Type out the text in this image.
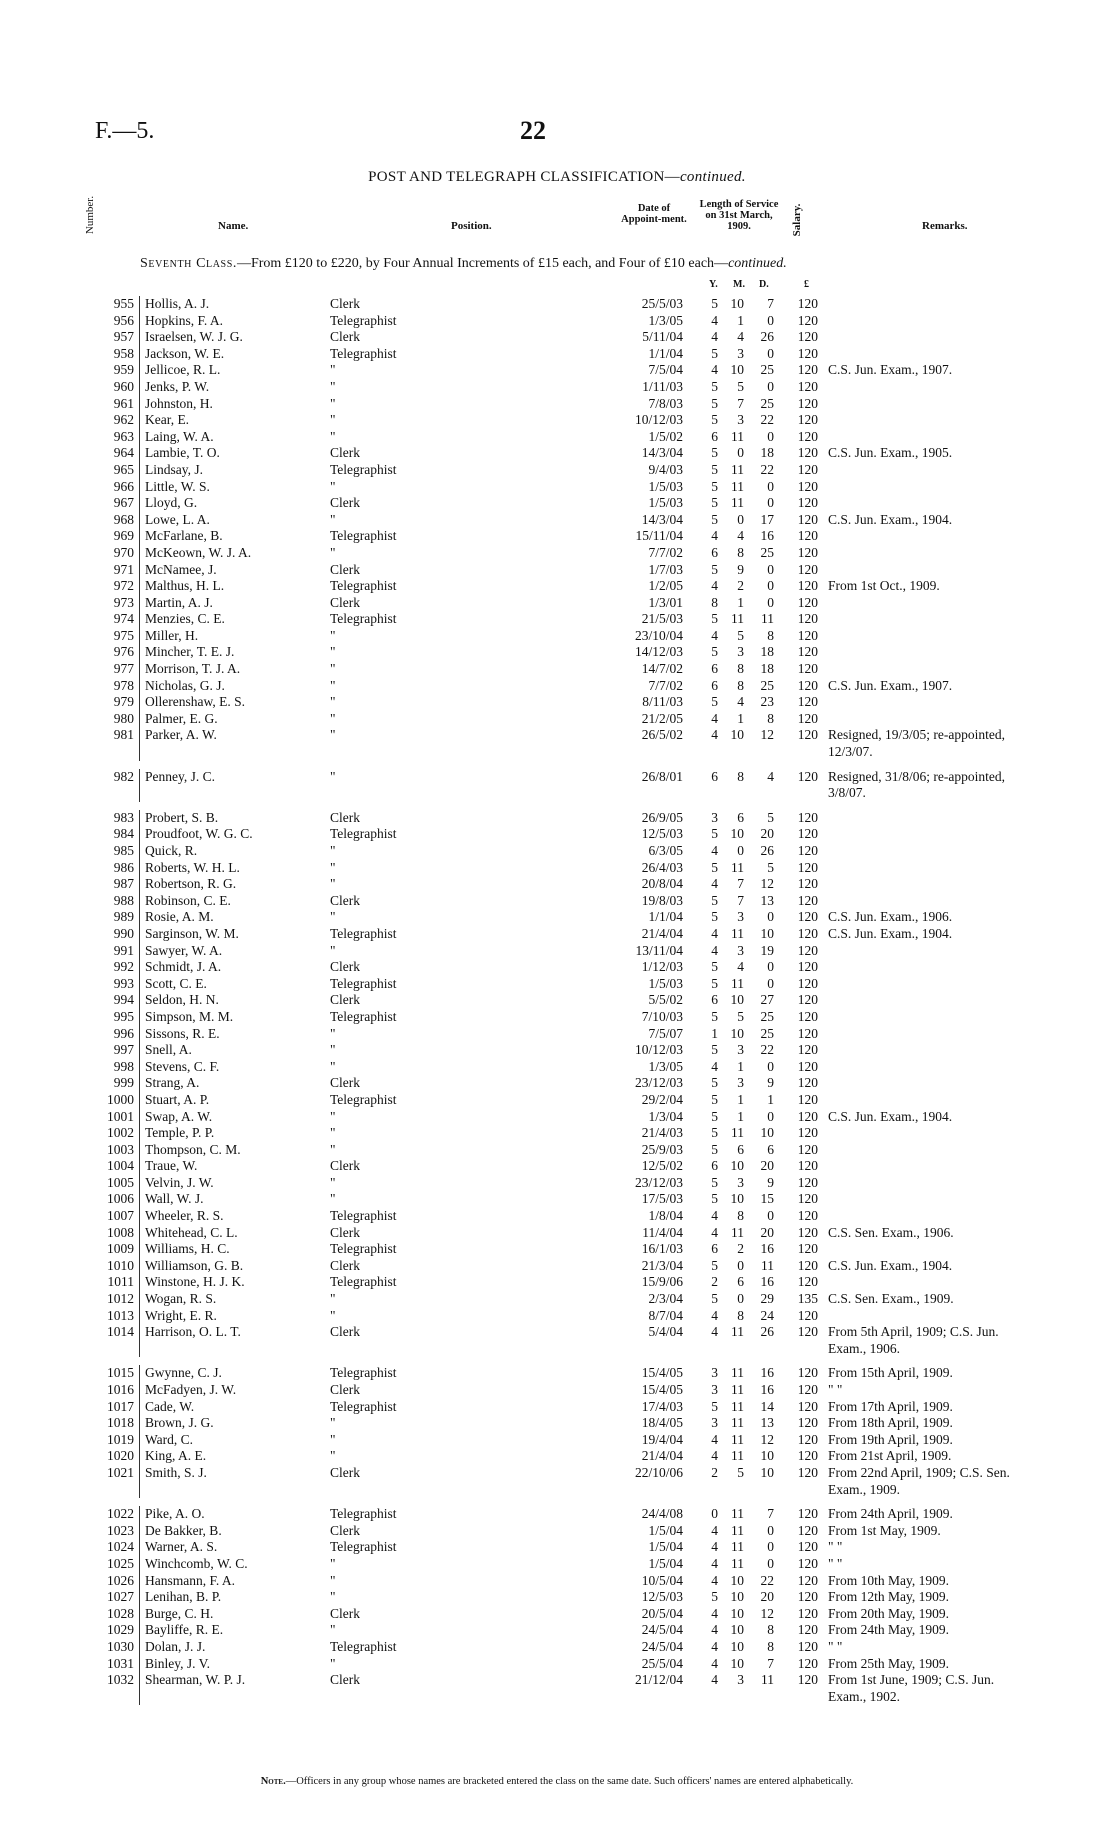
F.—5.	22
POST AND TELEGRAPH CLASSIFICATION—continued.
Number.	Name.	Position.
Date of Appoint-ment.
Length of Service on 31st March, 1909.	Salary.	Remarks.
Seventh Class.—From £120 to £220, by Four Annual Increments of £15 each, and Four of £10 each—continued.
Y. M. D.	£
955 Hollis, A. J.	Clerk	25/5/03	5 10	7	120
956 Hopkins, F. A.	Telegraphist	1/3/05	4	1	0	120
957 Israelsen, W. J. G.	Clerk	5/11/04	4	4	26	120
958 Jackson, W. E.	Telegraphist	1/1/04	5	3	0	120
959 Jellicoe, R. L.	"	7/5/04	4 10	25	120 C.S. Jun. Exam., 1907.
960 Jenks, P. W.	"	1/11/03	5	5	0	120
961 Johnston, H.	"	7/8/03	5	7	25	120
962 Kear, E.	"	10/12/03	5	3	22	120
963 Laing, W. A.	"	1/5/02	6 11	0	120
964 Lambie, T. O.	Clerk	14/3/04	5	0	18	120 C.S. Jun. Exam., 1905.
965 Lindsay, J.	Telegraphist	9/4/03	5 11	22	120
966 Little, W. S.	"	1/5/03	5 11	0	120
967 Lloyd, G.	Clerk	1/5/03	5 11	0	120
968 Lowe, L. A.	"	14/3/04	5	0	17	120 C.S. Jun. Exam., 1904.
969 McFarlane, B.	Telegraphist	15/11/04	4	4	16	120
970 McKeown, W. J. A.	"	7/7/02	6	8	25	120
971 McNamee, J.	Clerk	1/7/03	5	9	0	120
972 Malthus, H. L.	Telegraphist	1/2/05	4	2	0	120 From 1st Oct., 1909.
973 Martin, A. J.	Clerk	1/3/01	8	1	0	120
974 Menzies, C. E.	Telegraphist	21/5/03	5 11	11	120
975 Miller, H.	"	23/10/04	4	5	8	120
976 Mincher, T. E. J.	"	14/12/03	5	3	18	120
977 Morrison, T. J. A.	"	14/7/02	6	8	18	120
978 Nicholas, G. J.	"	7/7/02	6	8	25	120 C.S. Jun. Exam., 1907.
979 Ollerenshaw, E. S.	"	8/11/03	5	4	23	120
980 Palmer, E. G.	"	21/2/05	4	1	8	120
981 Parker, A. W.	"	26/5/02	4 10	12	120 Resigned, 19/3/05; re-appointed, 12/3/07.
982 Penney, J. C.	"	26/8/01	6	8	4	120 Resigned, 31/8/06; re-appointed, 3/8/07.
983 Probert, S. B.	Clerk	26/9/05	3	6	5	120
984 Proudfoot, W. G. C.	Telegraphist	12/5/03	5 10	20	120
985 Quick, R.	"	6/3/05	4	0	26	120
986 Roberts, W. H. L.	"	26/4/03	5 11	5	120
987 Robertson, R. G.	"	20/8/04	4	7	12	120
988 Robinson, C. E.	Clerk	19/8/03	5	7	13	120
989 Rosie, A. M.	"	1/1/04	5	3	0	120 C.S. Jun. Exam., 1906.
990 Sarginson, W. M.	Telegraphist	21/4/04	4 11	10	120 C.S. Jun. Exam., 1904.
991 Sawyer, W. A.	"	13/11/04	4	3	19	120
992 Schmidt, J. A.	Clerk	1/12/03	5	4	0	120
993 Scott, C. E.	Telegraphist	1/5/03	5 11	0	120
994 Seldon, H. N.	Clerk	5/5/02	6 10	27	120
995 Simpson, M. M.	Telegraphist	7/10/03	5	5	25	120
996 Sissons, R. E.	"	7/5/07	1 10	25	120
997 Snell, A.	"	10/12/03	5	3	22	120
998 Stevens, C. F.	"	1/3/05	4	1	0	120
999 Strang, A.	Clerk	23/12/03	5	3	9	120
1000 Stuart, A. P.	Telegraphist	29/2/04	5	1	1	120
1001 Swap, A. W.	"	1/3/04	5	1	0	120 C.S. Jun. Exam., 1904.
1002 Temple, P. P.	"	21/4/03	5 11	10	120
1003 Thompson, C. M.	"	25/9/03	5	6	6	120
1004 Traue, W.	Clerk	12/5/02	6 10	20	120
1005 Velvin, J. W.	"	23/12/03	5	3	9	120
1006 Wall, W. J.	"	17/5/03	5 10	15	120
1007 Wheeler, R. S.	Telegraphist	1/8/04	4	8	0	120
1008 Whitehead, C. L.	Clerk	11/4/04	4 11	20	120 C.S. Sen. Exam., 1906.
1009 Williams, H. C.	Telegraphist	16/1/03	6	2	16	120
1010 Williamson, G. B.	Clerk	21/3/04	5	0	11	120 C.S. Jun. Exam., 1904.
1011 Winstone, H. J. K.	Telegraphist	15/9/06	2	6	16	120
1012 Wogan, R. S.	"	2/3/04	5	0	29	135 C.S. Sen. Exam., 1909.
1013 Wright, E. R.	"	8/7/04	4	8	24	120
1014 Harrison, O. L. T.	Clerk	5/4/04	4 11	26	120 From 5th April, 1909; C.S. Jun. Exam., 1906.
1015 Gwynne, C. J.	Telegraphist	15/4/05	3 11	16	120 From 15th April, 1909.
1016 McFadyen, J. W.	Clerk	15/4/05	3 11	16	120 " "
1017 Cade, W.	Telegraphist	17/4/03	5 11	14	120 From 17th April, 1909.
1018 Brown, J. G.	"	18/4/05	3 11	13	120 From 18th April, 1909.
1019 Ward, C.	"	19/4/04	4 11	12	120 From 19th April, 1909.
1020 King, A. E.	"	21/4/04	4 11	10	120 From 21st April, 1909.
1021 Smith, S. J.	Clerk	22/10/06	2	5	10	120 From 22nd April, 1909; C.S. Sen. Exam., 1909.
1022 Pike, A. O.	Telegraphist	24/4/08	0 11	7	120 From 24th April, 1909.
1023 De Bakker, B.	Clerk	1/5/04	4 11	0	120 From 1st May, 1909.
1024 Warner, A. S.	Telegraphist	1/5/04	4 11	0	120 " "
1025 Winchcomb, W. C.	"	1/5/04	4 11	0	120 " "
1026 Hansmann, F. A.	"	10/5/04	4 10	22	120 From 10th May, 1909.
1027 Lenihan, B. P.	"	12/5/03	5 10	20	120 From 12th May, 1909.
1028 Burge, C. H.	Clerk	20/5/04	4 10	12	120 From 20th May, 1909.
1029 Bayliffe, R. E.	"	24/5/04	4 10	8	120 From 24th May, 1909.
1030 Dolan, J. J.	Telegraphist	24/5/04	4 10	8	120 " "
1031 Binley, J. V.	"	25/5/04	4 10	7	120 From 25th May, 1909.
1032 Shearman, W. P. J.	Clerk	21/12/04	4	3	11	120 From 1st June, 1909; C.S. Jun. Exam., 1902.
Note.—Officers in any group whose names are bracketed entered the class on the same date. Such officers' names are entered alphabetically.
